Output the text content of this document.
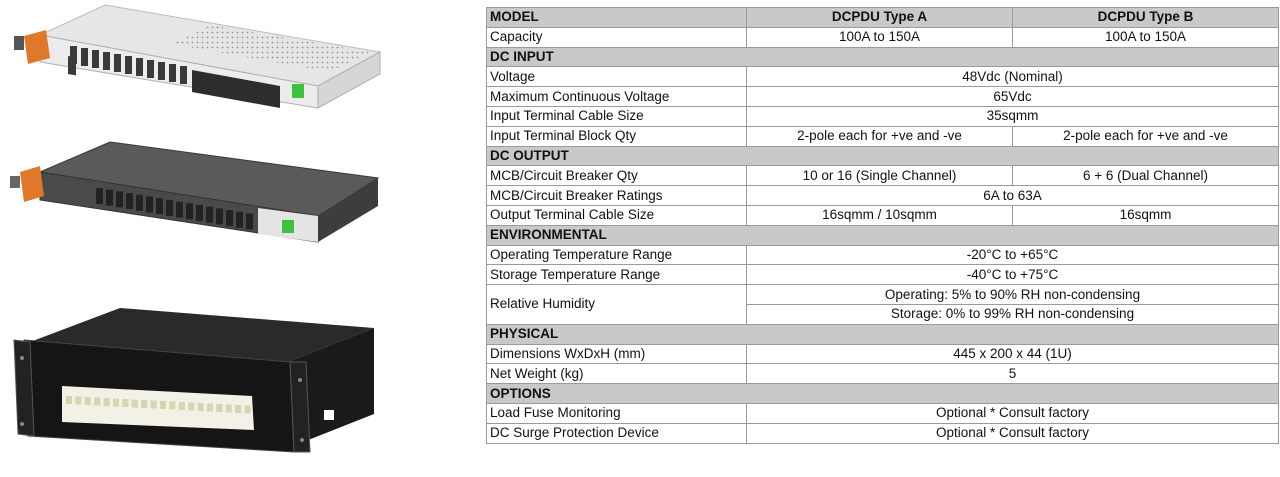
MODEL	DCPDU Type A	DCPDU Type B
Capacity	100A to 150A	100A to 150A
DC INPUT		
Voltage	48Vdc (Nominal)	
Maximum Continuous Voltage	65Vdc	
Input Terminal Cable Size	35sqmm	
Input Terminal Block Qty	2-pole each for +ve and -ve	2-pole each for +ve and -ve
DC OUTPUT		
MCB/Circuit Breaker Qty	10 or 16 (Single Channel)	6 + 6 (Dual Channel)
MCB/Circuit Breaker Ratings	6A to 63A	
Output Terminal Cable Size	16sqmm / 10sqmm	16sqmm
ENVIRONMENTAL		
Operating Temperature Range	-20°C to +65°C	
Storage Temperature Range	-40°C to +75°C	
Relative Humidity	Operating: 5% to 90% RH non-condensing	
	Storage: 0% to 99% RH non-condensing	
PHYSICAL		
Dimensions WxDxH (mm)	445 x 200 x 44 (1U)	
Net Weight (kg)	5	
OPTIONS		
Load Fuse Monitoring	Optional * Consult factory	
DC Surge Protection Device	Optional * Consult factory	
